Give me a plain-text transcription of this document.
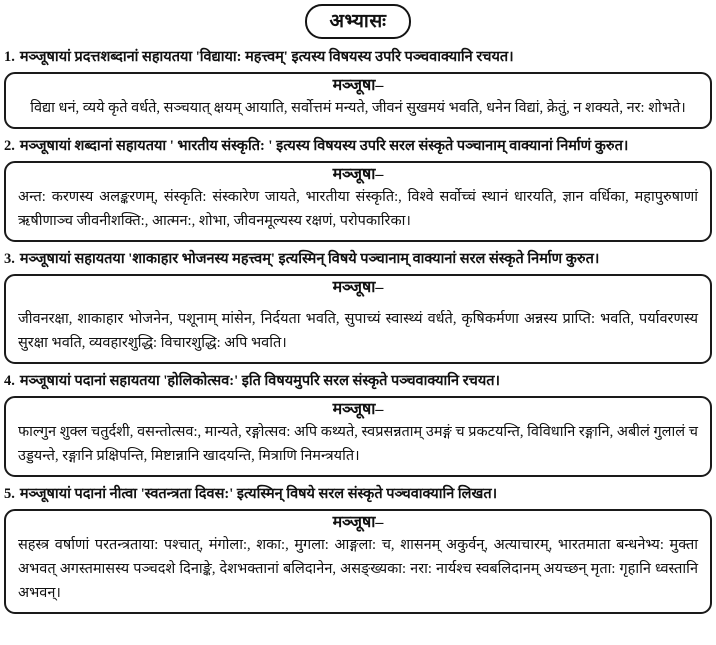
अभ्यासः
1. मञ्जूषायां प्रदत्तशब्दानां सहायतया 'विद्याया: महत्त्वम्' इत्यस्य विषयस्य उपरि पञ्चवाक्यानि रचयत।
मञ्जूषा–
विद्या धनं, व्यये कृते वर्धते, सञ्चयात् क्षयम् आयाति, सर्वोत्तमं मन्यते, जीवनं सुखमयं भवति, धनेन विद्यां, क्रेतुं, न शक्यते, नर: शोभते।
2. मञ्जूषायां शब्दानां सहायतया ' भारतीय संस्कृति: ' इत्यस्य विषयस्य उपरि सरल संस्कृते पञ्चानाम् वाक्यानां निर्माणं कुरुत।
मञ्जूषा–
अन्त: करणस्य अलङ्करणम्, संस्कृति: संस्कारेण जायते, भारतीया संस्कृति:, विश्वे सर्वोच्चं स्थानं धारयति, ज्ञान वर्धिका, महापुरुषाणां ऋषीणाञ्च जीवनीशक्ति:, आत्मन:, शोभा, जीवनमूल्यस्य रक्षणं, परोपकारिका।
3. मञ्जूषायां सहायतया 'शाकाहार भोजनस्य महत्त्वम्' इत्यस्मिन् विषये पञ्चानाम् वाक्यानां सरल संस्कृते निर्माण कुरुत।
मञ्जूषा–
जीवनरक्षा, शाकाहार भोजनेन, पशूनाम् मांसेन, निर्दयता भवति, सुपाच्यं स्वास्थ्यं वर्धते, कृषिकर्मणा अन्नस्य प्राप्ति: भवति, पर्यावरणस्य सुरक्षा भवति, व्यवहारशुद्धि: विचारशुद्धि: अपि भवति।
4. मञ्जूषायां पदानां सहायतया 'होलिकोत्सव:' इति विषयमुपरि सरल संस्कृते पञ्चवाक्यानि रचयत।
मञ्जूषा–
फाल्गुन शुक्ल चतुर्दशी, वसन्तोत्सव:, मान्यते, रङ्गोत्सव: अपि कथ्यते, स्वप्रसन्नताम् उमङ्गं च प्रकटयन्ति, विविधानि रङ्गानि, अबीलं गुलालं च उड्डयन्ते, रङ्गानि प्रक्षिपन्ति, मिष्टान्नानि खादयन्ति, मित्राणि निमन्त्रयति।
5. मञ्जूषायां पदानां नीत्वा 'स्वतन्त्रता दिवस:' इत्यस्मिन् विषये सरल संस्कृते पञ्चवाक्यानि लिखत।
मञ्जूषा–
सहस्त्र वर्षाणां परतन्त्रताया: पश्चात्, मंगोला:, शका:, मुगला: आङ्गला: च, शासनम् अकुर्वन्, अत्याचारम्, भारतमाता बन्धनेभ्य: मुक्ता अभवत् अगस्तमासस्य पञ्चदशे दिनाङ्के, देशभक्तानां बलिदानेन, असङ्ख्यका: नरा: नार्यश्च स्वबलिदानम् अयच्छन् मृता: गृहानि ध्वस्तानि अभवन्।
